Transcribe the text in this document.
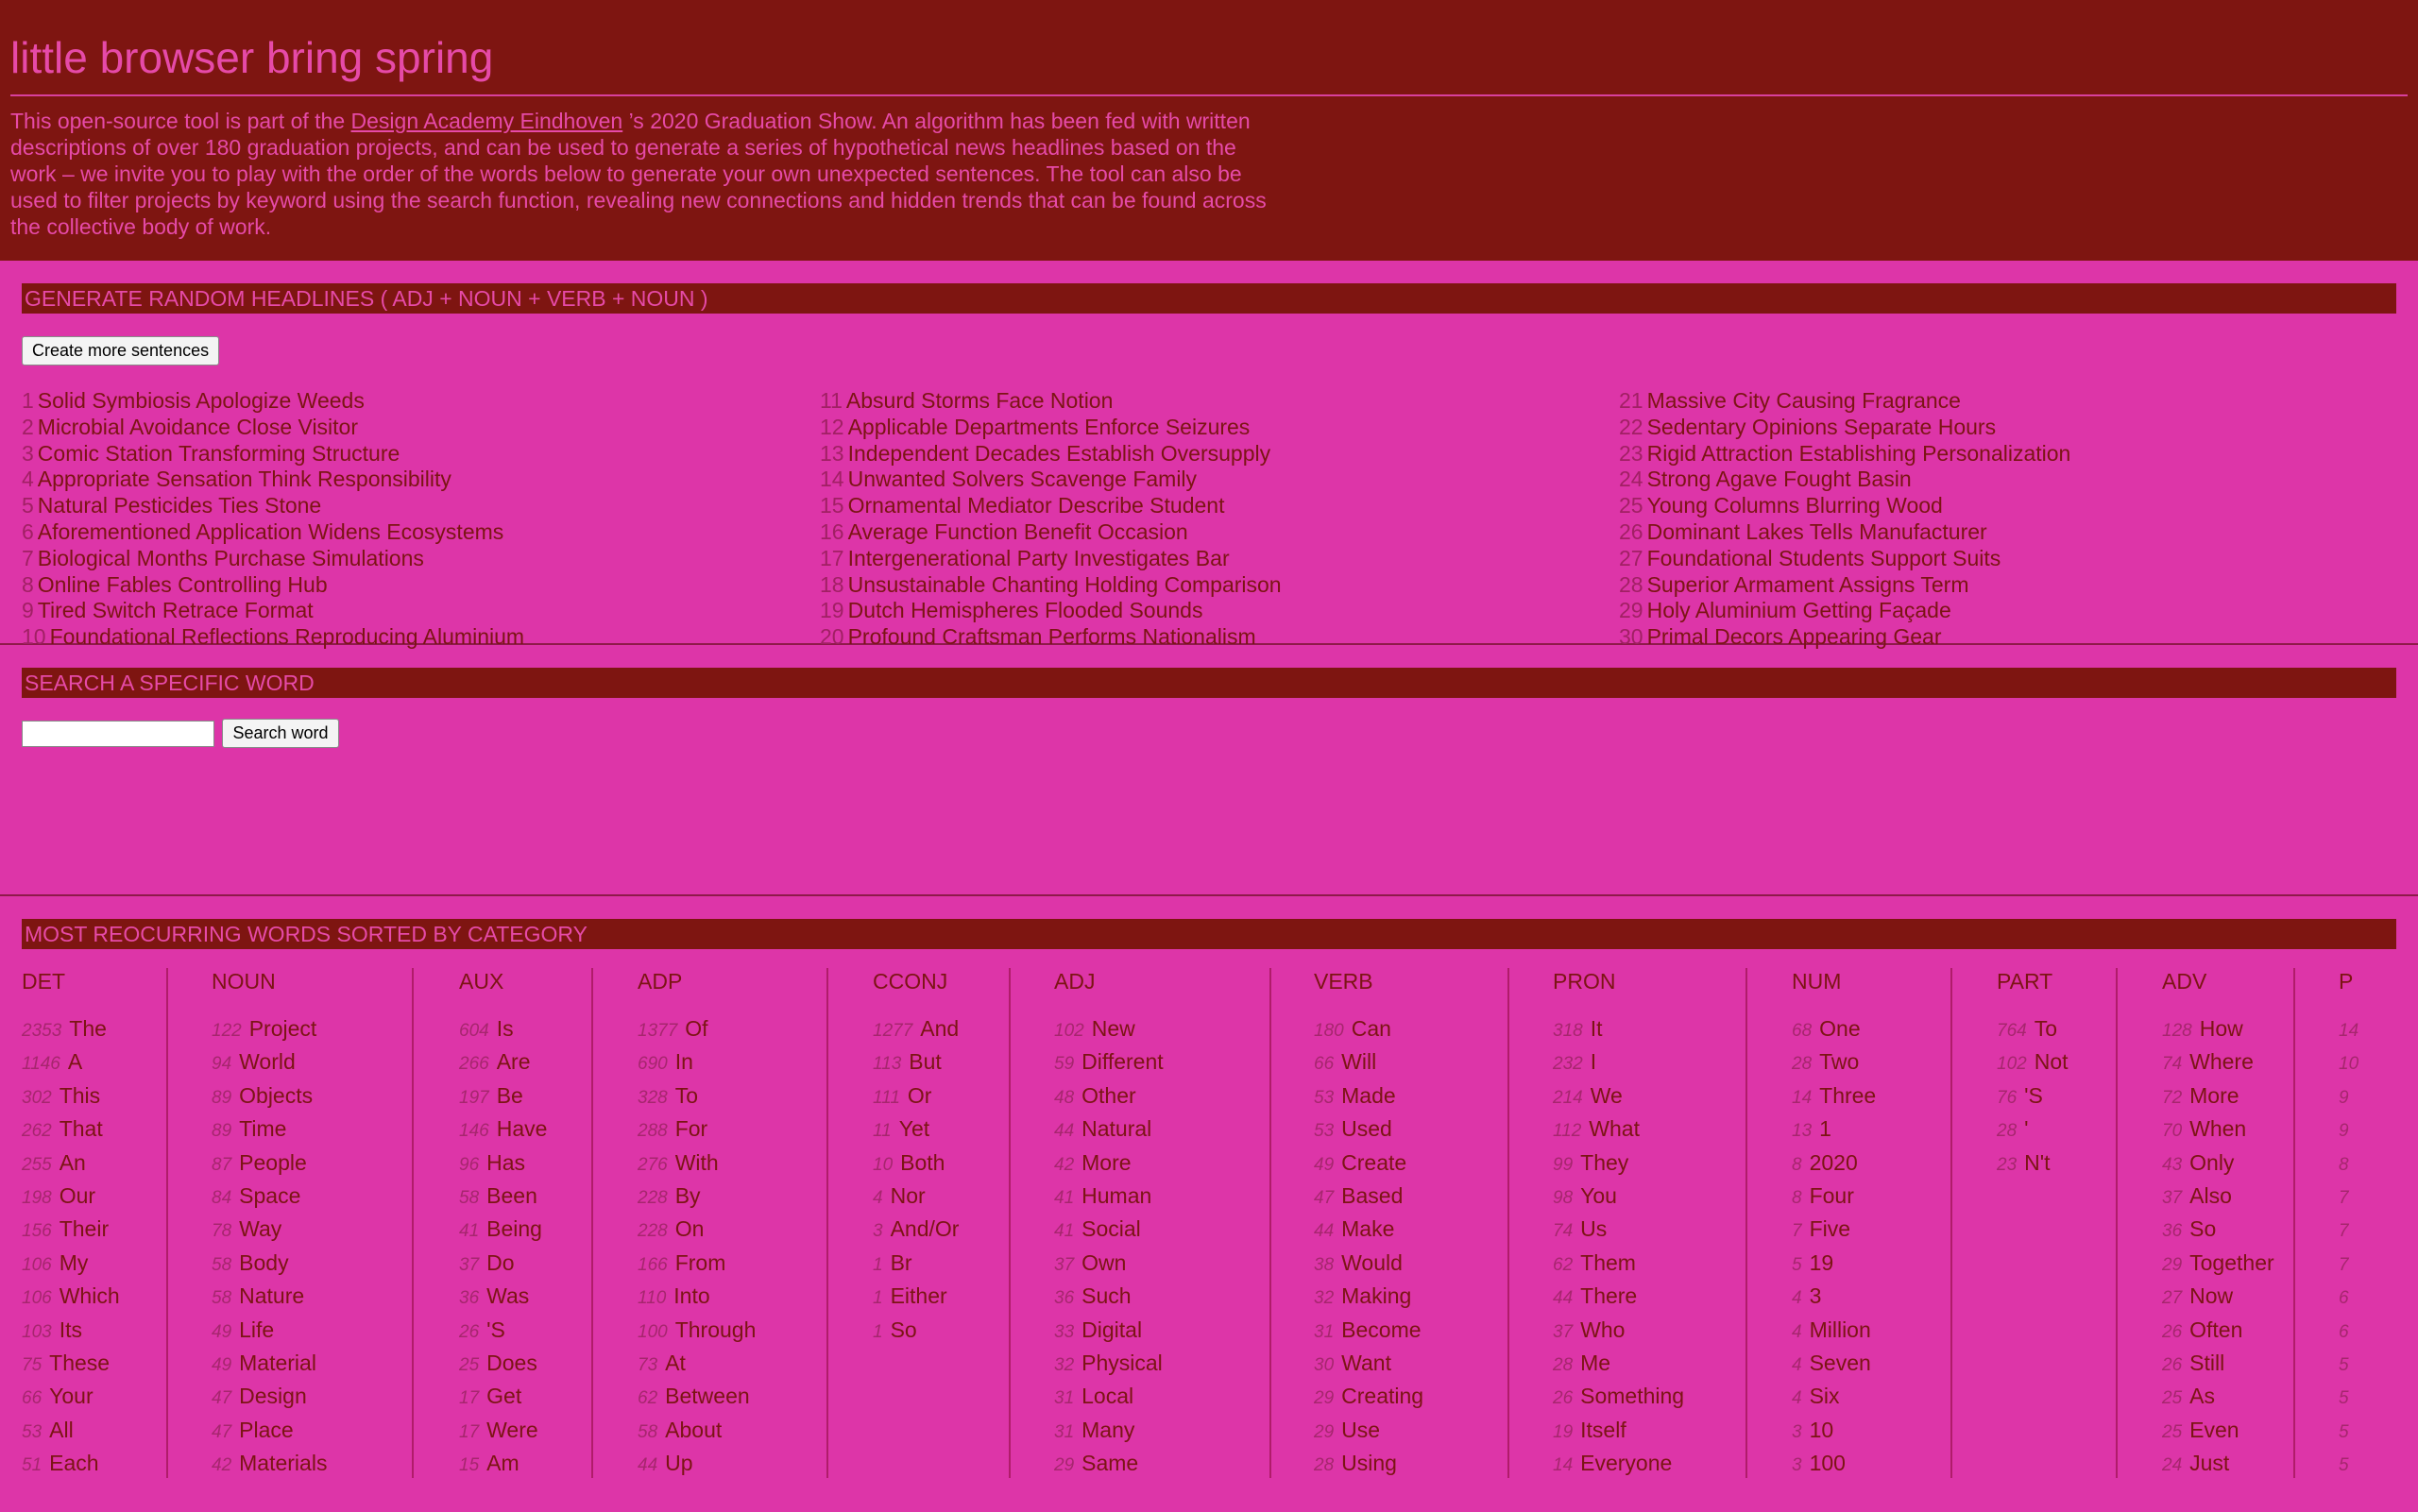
little browser bring spring
This open-source tool is part of the Design Academy Eindhoven ’s 2020 Graduation Show. An algorithm has been fed with written descriptions of over 180 graduation projects, and can be used to generate a series of hypothetical news headlines based on the work – we invite you to play with the order of the words below to generate your own unexpected sentences. The tool can also be used to filter projects by keyword using the search function, revealing new connections and hidden trends that can be found across the collective body of work.
GENERATE RANDOM HEADLINES ( ADJ + NOUN + VERB + NOUN )
Create more sentences
1 Solid Symbiosis Apologize Weeds
2 Microbial Avoidance Close Visitor
3 Comic Station Transforming Structure
4 Appropriate Sensation Think Responsibility
5 Natural Pesticides Ties Stone
6 Aforementioned Application Widens Ecosystems
7 Biological Months Purchase Simulations
8 Online Fables Controlling Hub
9 Tired Switch Retrace Format
10 Foundational Reflections Reproducing Aluminium
11 Absurd Storms Face Notion
12 Applicable Departments Enforce Seizures
13 Independent Decades Establish Oversupply
14 Unwanted Solvers Scavenge Family
15 Ornamental Mediator Describe Student
16 Average Function Benefit Occasion
17 Intergenerational Party Investigates Bar
18 Unsustainable Chanting Holding Comparison
19 Dutch Hemispheres Flooded Sounds
20 Profound Craftsman Performs Nationalism
21 Massive City Causing Fragrance
22 Sedentary Opinions Separate Hours
23 Rigid Attraction Establishing Personalization
24 Strong Agave Fought Basin
25 Young Columns Blurring Wood
26 Dominant Lakes Tells Manufacturer
27 Foundational Students Support Suits
28 Superior Armament Assigns Term
29 Holy Aluminium Getting Façade
30 Primal Decors Appearing Gear
SEARCH A SPECIFIC WORD
Search word
MOST REOCURRING WORDS SORTED BY CATEGORY
DET
2353 The
1146 A
302 This
262 That
255 An
198 Our
156 Their
106 My
106 Which
103 Its
75 These
66 Your
53 All
51 Each
NOUN
122 Project
94 World
89 Objects
89 Time
87 People
84 Space
78 Way
58 Body
58 Nature
49 Life
49 Material
47 Design
47 Place
42 Materials
AUX
604 Is
266 Are
197 Be
146 Have
96 Has
58 Been
41 Being
37 Do
36 Was
26 'S
25 Does
17 Get
17 Were
15 Am
ADP
1377 Of
690 In
328 To
288 For
276 With
228 By
228 On
166 From
110 Into
100 Through
73 At
62 Between
58 About
44 Up
CCONJ
1277 And
113 But
111 Or
11 Yet
10 Both
4 Nor
3 And/Or
1 Br
1 Either
1 So
ADJ
102 New
59 Different
48 Other
44 Natural
42 More
41 Human
41 Social
37 Own
36 Such
33 Digital
32 Physical
31 Local
31 Many
29 Same
VERB
180 Can
66 Will
53 Made
53 Used
49 Create
47 Based
44 Make
38 Would
32 Making
31 Become
30 Want
29 Creating
29 Use
28 Using
PRON
318 It
232 I
214 We
112 What
99 They
98 You
74 Us
62 Them
44 There
37 Who
28 Me
26 Something
19 Itself
14 Everyone
NUM
68 One
28 Two
14 Three
13 1
8 2020
8 Four
7 Five
5 19
4 3
4 Million
4 Seven
4 Six
3 10
3 100
PART
764 To
102 Not
76 'S
28 '
23 N't
ADV
128 How
74 Where
72 More
70 When
43 Only
37 Also
36 So
29 Together
27 Now
26 Often
26 Still
25 As
25 Even
24 Just
P
14
10
9
9
8
7
7
7
6
6
5
5
5
5
